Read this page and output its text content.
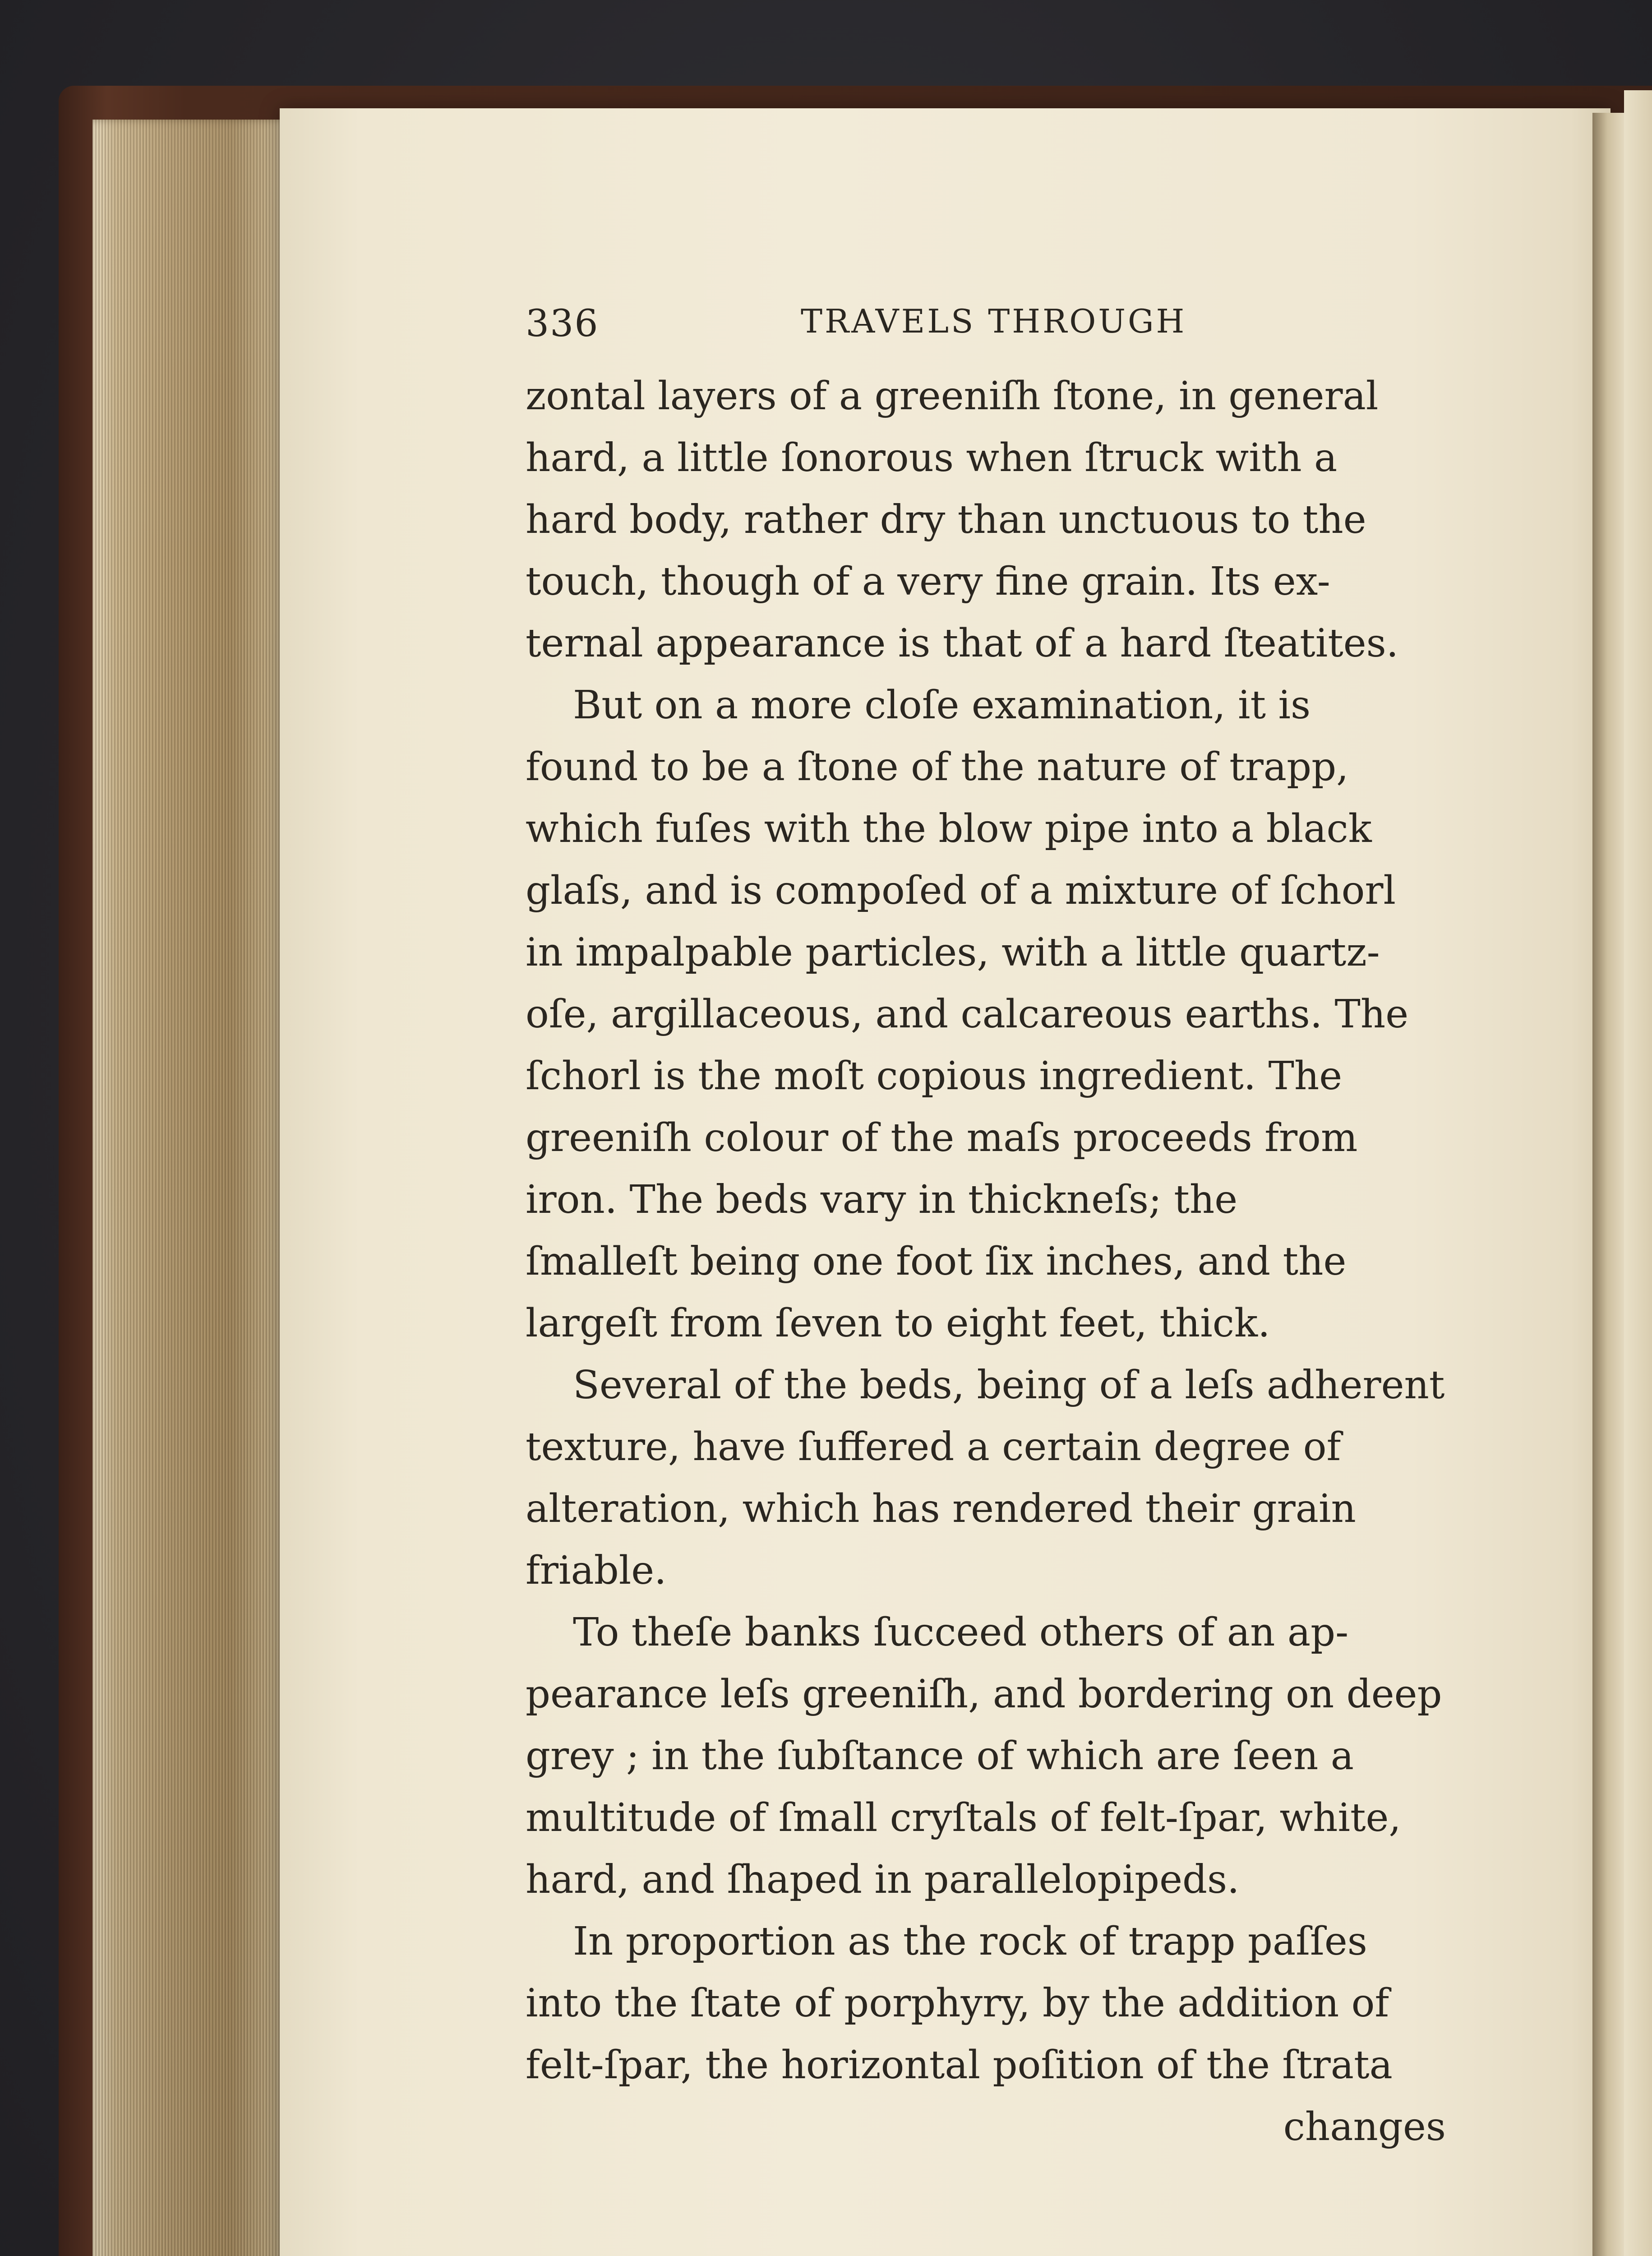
336	TRAVELS THROUGH
zontal layers of a greeniſh ſtone, in general
hard, a little ſonorous when ſtruck with a
hard body, rather dry than unctuous to the
touch, though of a very fine grain. Its ex-
ternal appearance is that of a hard ſteatites.
But on a more cloſe examination, it is
found to be a ſtone of the nature of trapp,
which fuſes with the blow pipe into a black
glaſs, and is compoſed of a mixture of ſchorl
in impalpable particles, with a little quartz-
oſe, argillaceous, and calcareous earths. The
ſchorl is the moſt copious ingredient. The
greeniſh colour of the maſs proceeds from
iron. The beds vary in thickneſs; the
ſmalleſt being one foot ſix inches, and the
largeſt from ſeven to eight feet, thick.
Several of the beds, being of a leſs adherent
texture, have ſuffered a certain degree of
alteration, which has rendered their grain
friable.
To theſe banks ſucceed others of an ap-
pearance leſs greeniſh, and bordering on deep
grey ; in the ſubſtance of which are ſeen a
multitude of ſmall cryſtals of felt-ſpar, white,
hard, and ſhaped in parallelopipeds.
In proportion as the rock of trapp paſſes
into the ſtate of porphyry, by the addition of
felt-ſpar, the horizontal poſition of the ſtrata
changes
